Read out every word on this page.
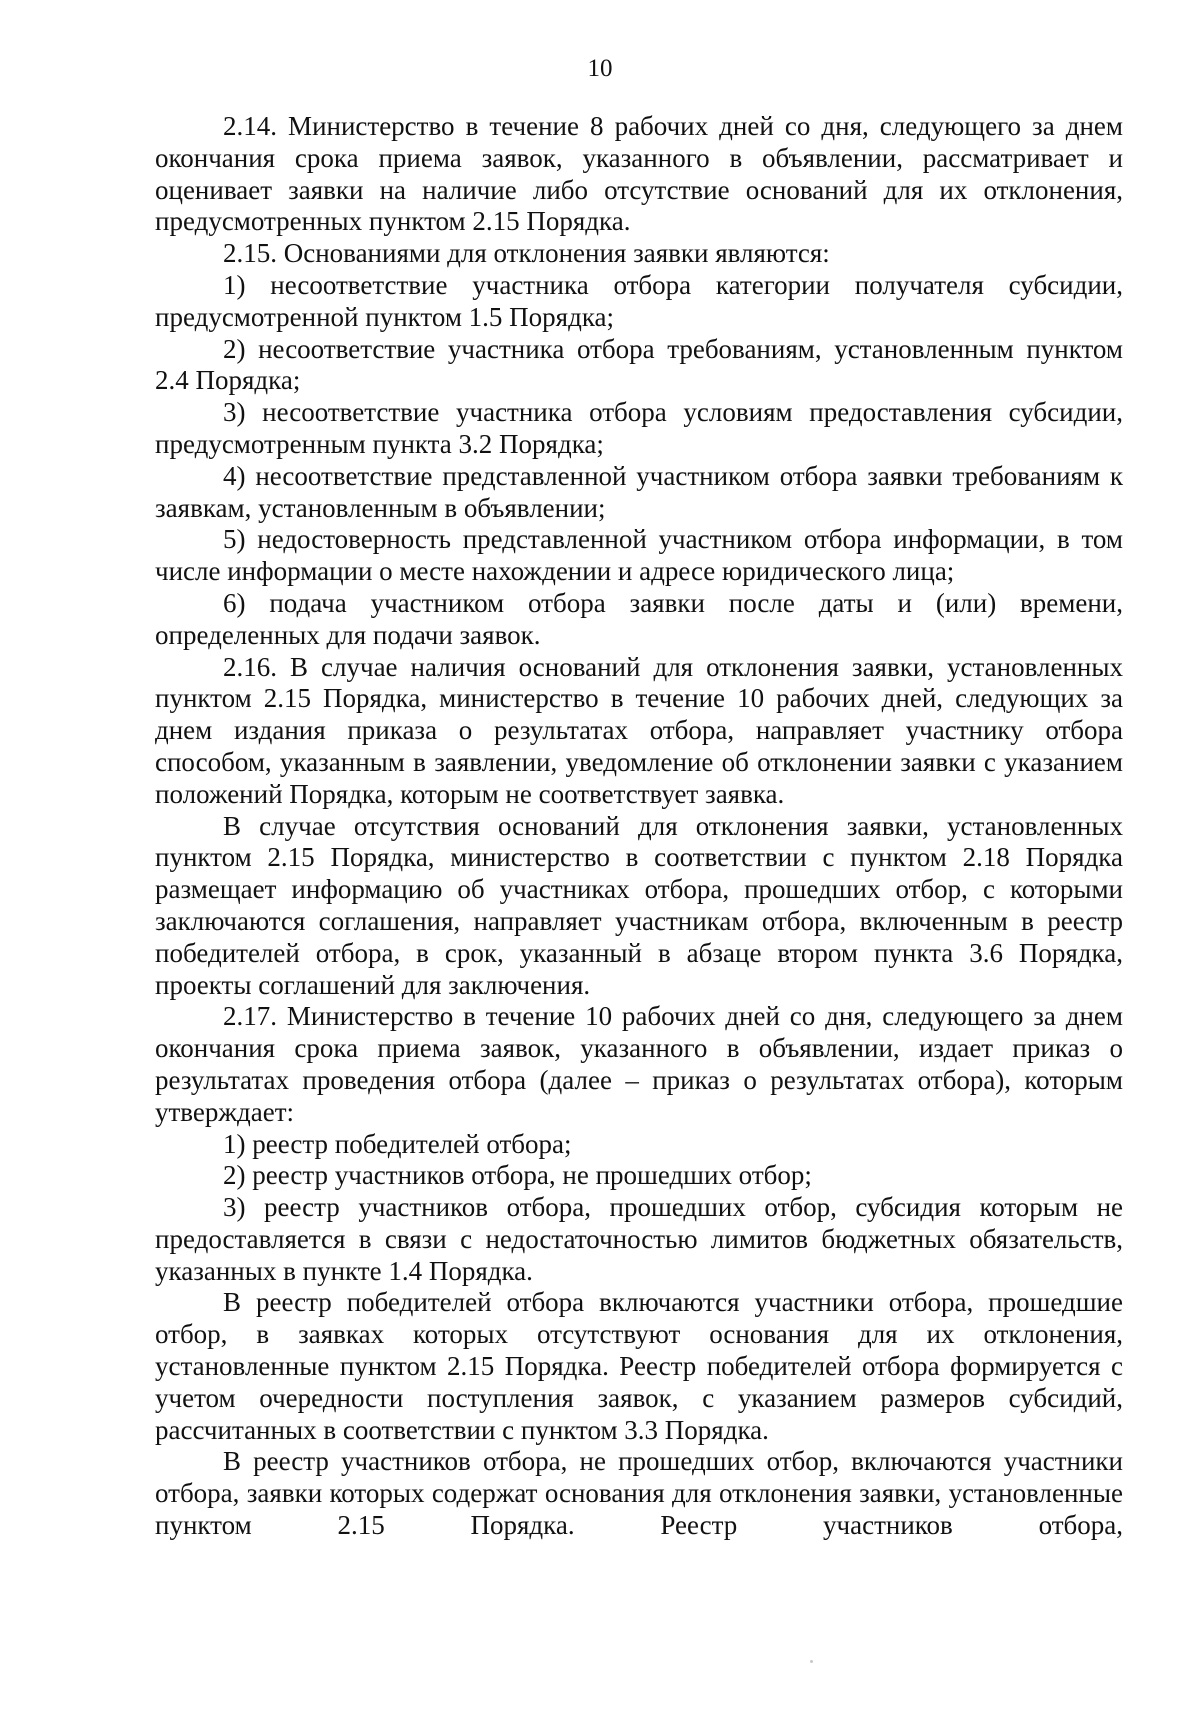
10

2.14. Министерство в течение 8 рабочих дней со дня, следующего за днем окончания срока приема заявок, указанного в объявлении, рассматривает и оценивает заявки на наличие либо отсутствие оснований для их отклонения, предусмотренных пунктом 2.15 Порядка.

2.15. Основаниями для отклонения заявки являются:

1) несоответствие участника отбора категории получателя субсидии, предусмотренной пунктом 1.5 Порядка;

2) несоответствие участника отбора требованиям, установленным пунктом 2.4 Порядка;

3) несоответствие участника отбора условиям предоставления субсидии, предусмотренным пункта 3.2 Порядка;

4) несоответствие представленной участником отбора заявки требованиям к заявкам, установленным в объявлении;

5) недостоверность представленной участником отбора информации, в том числе информации о месте нахождении и адресе юридического лица;

6) подача участником отбора заявки после даты и (или) времени, определенных для подачи заявок.

2.16. В случае наличия оснований для отклонения заявки, установленных пунктом 2.15 Порядка, министерство в течение 10 рабочих дней, следующих за днем издания приказа о результатах отбора, направляет участнику отбора способом, указанным в заявлении, уведомление об отклонении заявки с указанием положений Порядка, которым не соответствует заявка.

В случае отсутствия оснований для отклонения заявки, установленных пунктом 2.15 Порядка, министерство в соответствии с пунктом 2.18 Порядка размещает информацию об участниках отбора, прошедших отбор, с которыми заключаются соглашения, направляет участникам отбора, включенным в реестр победителей отбора, в срок, указанный в абзаце втором пункта 3.6 Порядка, проекты соглашений для заключения.

2.17. Министерство в течение 10 рабочих дней со дня, следующего за днем окончания срока приема заявок, указанного в объявлении, издает приказ о результатах проведения отбора (далее – приказ о результатах отбора), которым утверждает:

1) реестр победителей отбора;

2) реестр участников отбора, не прошедших отбор;

3) реестр участников отбора, прошедших отбор, субсидия которым не предоставляется в связи с недостаточностью лимитов бюджетных обязательств, указанных в пункте 1.4 Порядка.

В реестр победителей отбора включаются участники отбора, прошедшие отбор, в заявках которых отсутствуют основания для их отклонения, установленные пунктом 2.15 Порядка. Реестр победителей отбора формируется с учетом очередности поступления заявок, с указанием размеров субсидий, рассчитанных в соответствии с пунктом 3.3 Порядка.

В реестр участников отбора, не прошедших отбор, включаются участники отбора, заявки которых содержат основания для отклонения заявки, установленные пунктом 2.15 Порядка. Реестр участников отбора,
